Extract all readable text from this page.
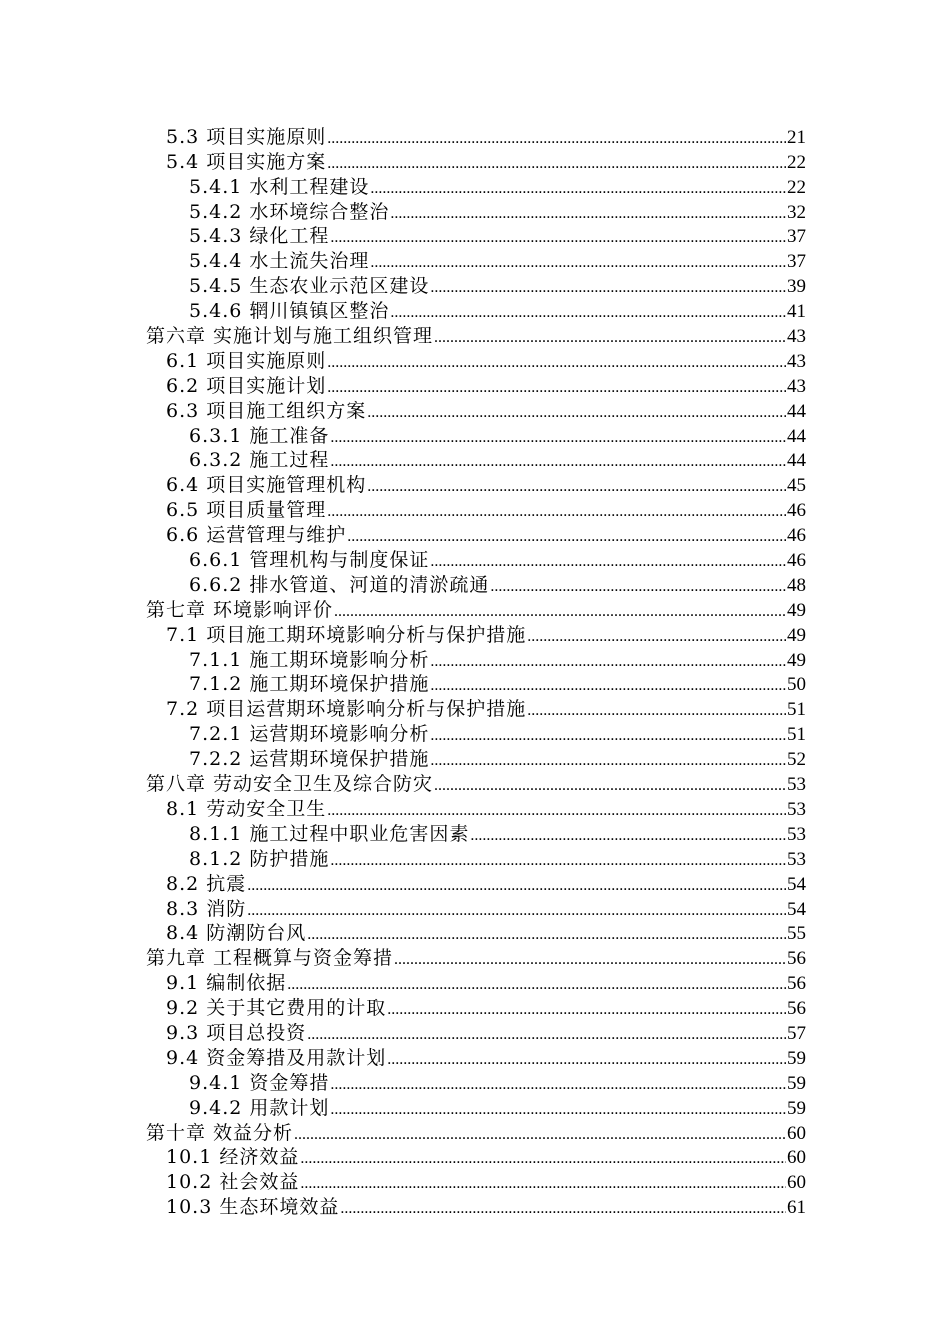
5.3 项目实施原则 .....	21
5.4 项目实施方案 .....	22
5.4.1 水利工程建设 .....	22
5.4.2 水环境综合整治 .....	32
5.4.3 绿化工程 .....	37
5.4.4 水土流失治理 .....	37
5.4.5 生态农业示范区建设 .....	39
5.4.6 辋川镇镇区整治 .....	41
第六章 实施计划与施工组织管理 .....	43
6.1 项目实施原则 .....	43
6.2 项目实施计划 .....	43
6.3 项目施工组织方案 .....	44
6.3.1 施工准备 .....	44
6.3.2 施工过程 .....	44
6.4 项目实施管理机构 .....	45
6.5 项目质量管理 .....	46
6.6 运营管理与维护 .....	46
6.6.1 管理机构与制度保证 .....	46
6.6.2 排水管道、河道的清淤疏通 .....	48
第七章 环境影响评价 .....	49
7.1 项目施工期环境影响分析与保护措施 .....	49
7.1.1 施工期环境影响分析 .....	49
7.1.2 施工期环境保护措施 .....	50
7.2 项目运营期环境影响分析与保护措施 .....	51
7.2.1 运营期环境影响分析 .....	51
7.2.2 运营期环境保护措施 .....	52
第八章 劳动安全卫生及综合防灾 .....	53
8.1 劳动安全卫生 .....	53
8.1.1 施工过程中职业危害因素 .....	53
8.1.2 防护措施 .....	53
8.2 抗震 .....	54
8.3 消防 .....	54
8.4 防潮防台风 .....	55
第九章 工程概算与资金筹措 .....	56
9.1 编制依据 .....	56
9.2 关于其它费用的计取 .....	56
9.3 项目总投资 .....	57
9.4 资金筹措及用款计划 .....	59
9.4.1 资金筹措 .....	59
9.4.2 用款计划 .....	59
第十章 效益分析 .....	60
10.1 经济效益 .....	60
10.2 社会效益 .....	60
10.3 生态环境效益 .....	61
